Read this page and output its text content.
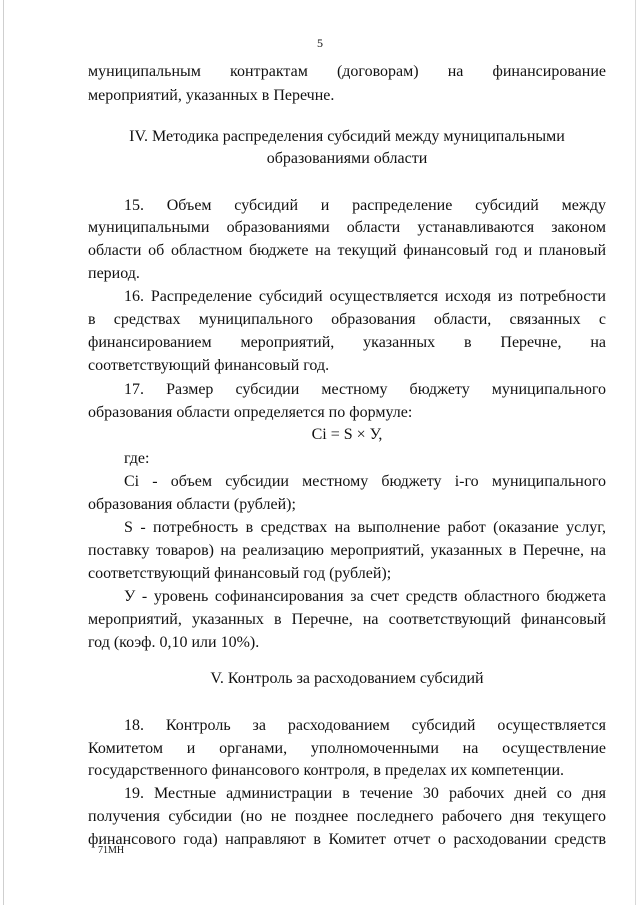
5
муниципальным контрактам (договорам) на финансирование
мероприятий, указанных в Перечне.
IV. Методика распределения субсидий между муниципальными
образованиями области
15. Объем субсидий и распределение субсидий между
муниципальными образованиями области устанавливаются законом
области об областном бюджете на текущий финансовый год и плановый
период.
16. Распределение субсидий осуществляется исходя из потребности
в средствах муниципального образования области, связанных с
финансированием мероприятий, указанных в Перечне, на
соответствующий финансовый год.
17. Размер субсидии местному бюджету муниципального
образования области определяется по формуле:
Ci = S × У,
где:
Ci - объем субсидии местному бюджету i-го муниципального
образования области (рублей);
S - потребность в средствах на выполнение работ (оказание услуг,
поставку товаров) на реализацию мероприятий, указанных в Перечне, на
соответствующий финансовый год (рублей);
У - уровень софинансирования за счет средств областного бюджета
мероприятий, указанных в Перечне, на соответствующий финансовый
год (коэф. 0,10 или 10%).
V. Контроль за расходованием субсидий
18. Контроль за расходованием субсидий осуществляется
Комитетом и органами, уполномоченными на осуществление
государственного финансового контроля, в пределах их компетенции.
19. Местные администрации в течение 30 рабочих дней со дня
получения субсидии (но не позднее последнего рабочего дня текущего
финансового года) направляют в Комитет отчет о расходовании средств
71МН
